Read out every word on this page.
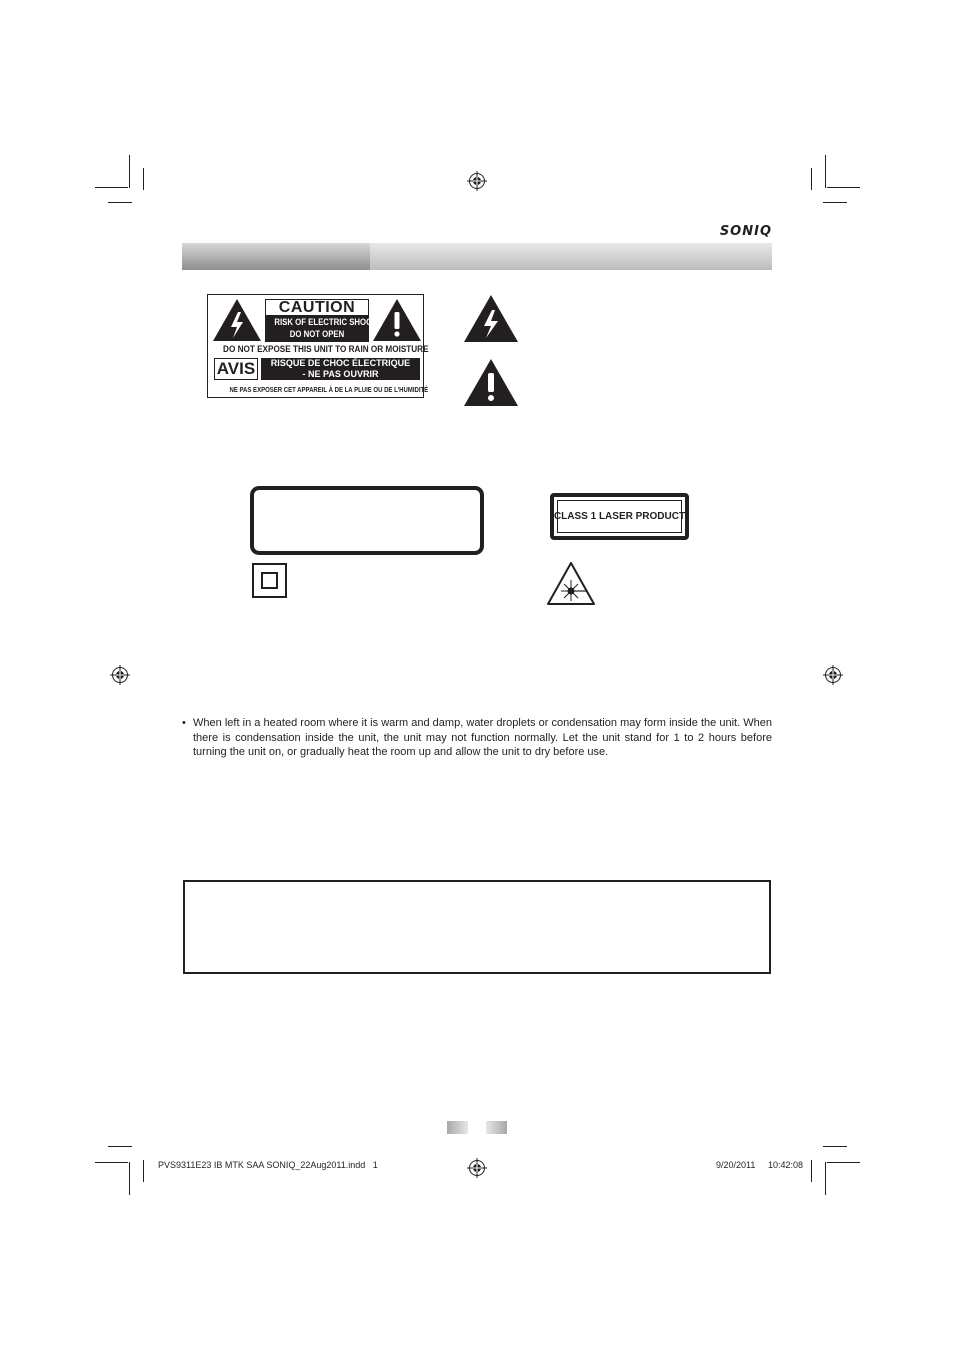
SONIQ
CAUTION
RISK OF ELECTRIC SHOCK
DO NOT OPEN
DO NOT EXPOSE THIS UNIT TO RAIN OR MOISTURE
AVIS	RISQUE DE CHOC ÉLECTRIQUE
- NE PAS OUVRIR
NE PAS EXPOSER CET APPAREIL À DE LA PLUIE OU DE L'HUMIDITÉ
CLASS 1 LASER PRODUCT
• When left in a heated room where it is warm and damp, water droplets or condensation may form inside the unit. When there is condensation inside the unit, the unit may not function normally. Let the unit stand for 1 to 2 hours before turning the unit on, or gradually heat the room up and allow the unit to dry before use.
PVS9311E23 IB MTK SAA SONIQ_22Aug2011.indd   1	9/20/2011 10:42:08
